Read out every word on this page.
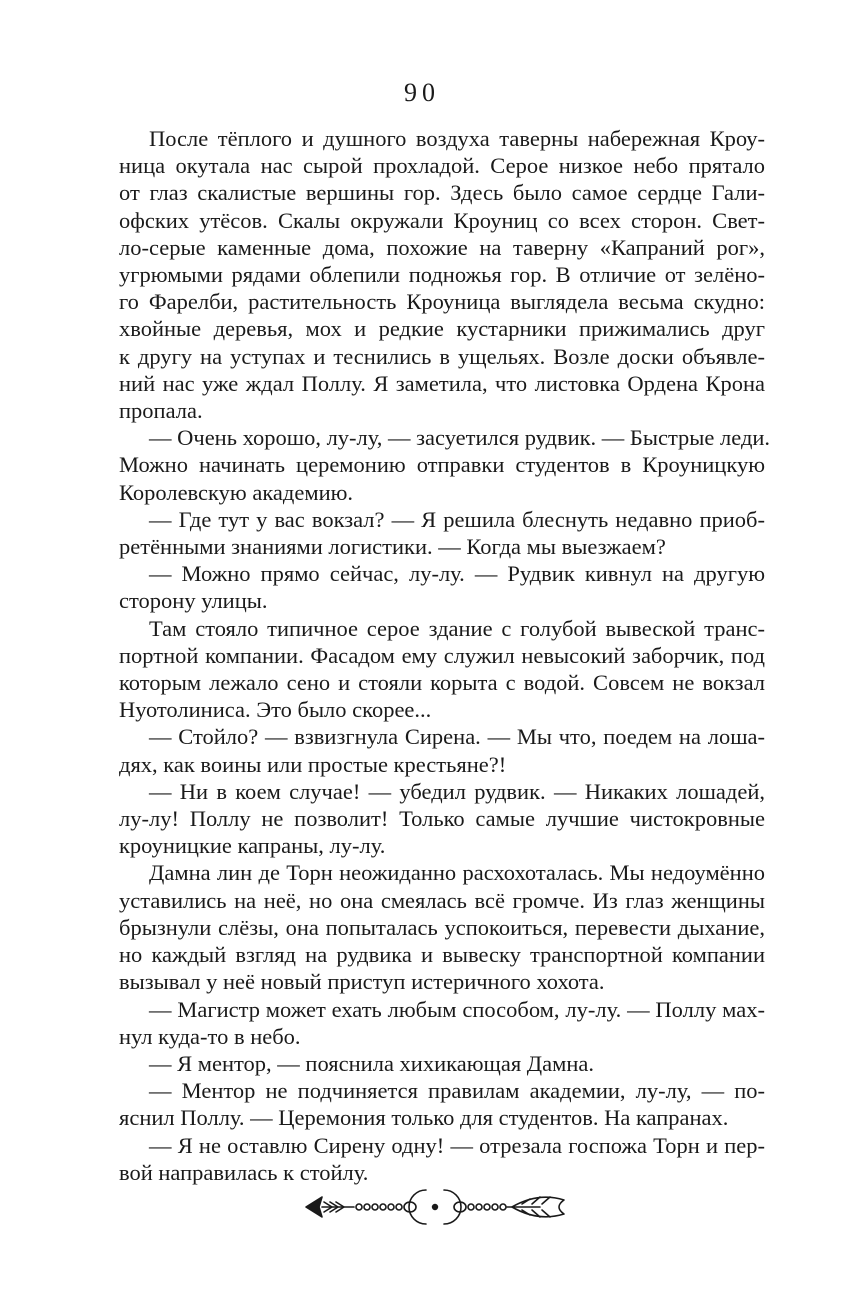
90
После тёплого и душного воздуха таверны набережная Кроу-
ница окутала нас сырой прохладой. Серое низкое небо прятало
от глаз скалистые вершины гор. Здесь было самое сердце Гали-
офских утёсов. Скалы окружали Кроуниц со всех сторон. Свет-
ло-серые каменные дома, похожие на таверну «Капраний рог»,
угрюмыми рядами облепили подножья гор. В отличие от зелёно-
го Фарелби, растительность Кроуница выглядела весьма скудно:
хвойные деревья, мох и редкие кустарники прижимались друг
к другу на уступах и теснились в ущельях. Возле доски объявле-
ний нас уже ждал Поллу. Я заметила, что листовка Ордена Крона
пропала.
— Очень хорошо, лу-лу, — засуетился рудвик. — Быстрые леди.
Можно начинать церемонию отправки студентов в Кроуницкую
Королевскую академию.
— Где тут у вас вокзал? — Я решила блеснуть недавно приоб-
ретёнными знаниями логистики. — Когда мы выезжаем?
— Можно прямо сейчас, лу-лу. — Рудвик кивнул на другую
сторону улицы.
Там стояло типичное серое здание с голубой вывеской транс-
портной компании. Фасадом ему служил невысокий заборчик, под
которым лежало сено и стояли корыта с водой. Совсем не вокзал
Нуотолиниса. Это было скорее...
— Стойло? — взвизгнула Сирена. — Мы что, поедем на лоша-
дях, как воины или простые крестьяне?!
— Ни в коем случае! — убедил рудвик. — Никаких лошадей,
лу-лу! Поллу не позволит! Только самые лучшие чистокровные
кроуницкие капраны, лу-лу.
Дамна лин де Торн неожиданно расхохоталась. Мы недоумённо
уставились на неё, но она смеялась всё громче. Из глаз женщины
брызнули слёзы, она попыталась успокоиться, перевести дыхание,
но каждый взгляд на рудвика и вывеску транспортной компании
вызывал у неё новый приступ истеричного хохота.
— Магистр может ехать любым способом, лу-лу. — Поллу мах-
нул куда-то в небо.
— Я ментор, — пояснила хихикающая Дамна.
— Ментор не подчиняется правилам академии, лу-лу, — по-
яснил Поллу. — Церемония только для студентов. На капранах.
— Я не оставлю Сирену одну! — отрезала госпожа Торн и пер-
вой направилась к стойлу.
